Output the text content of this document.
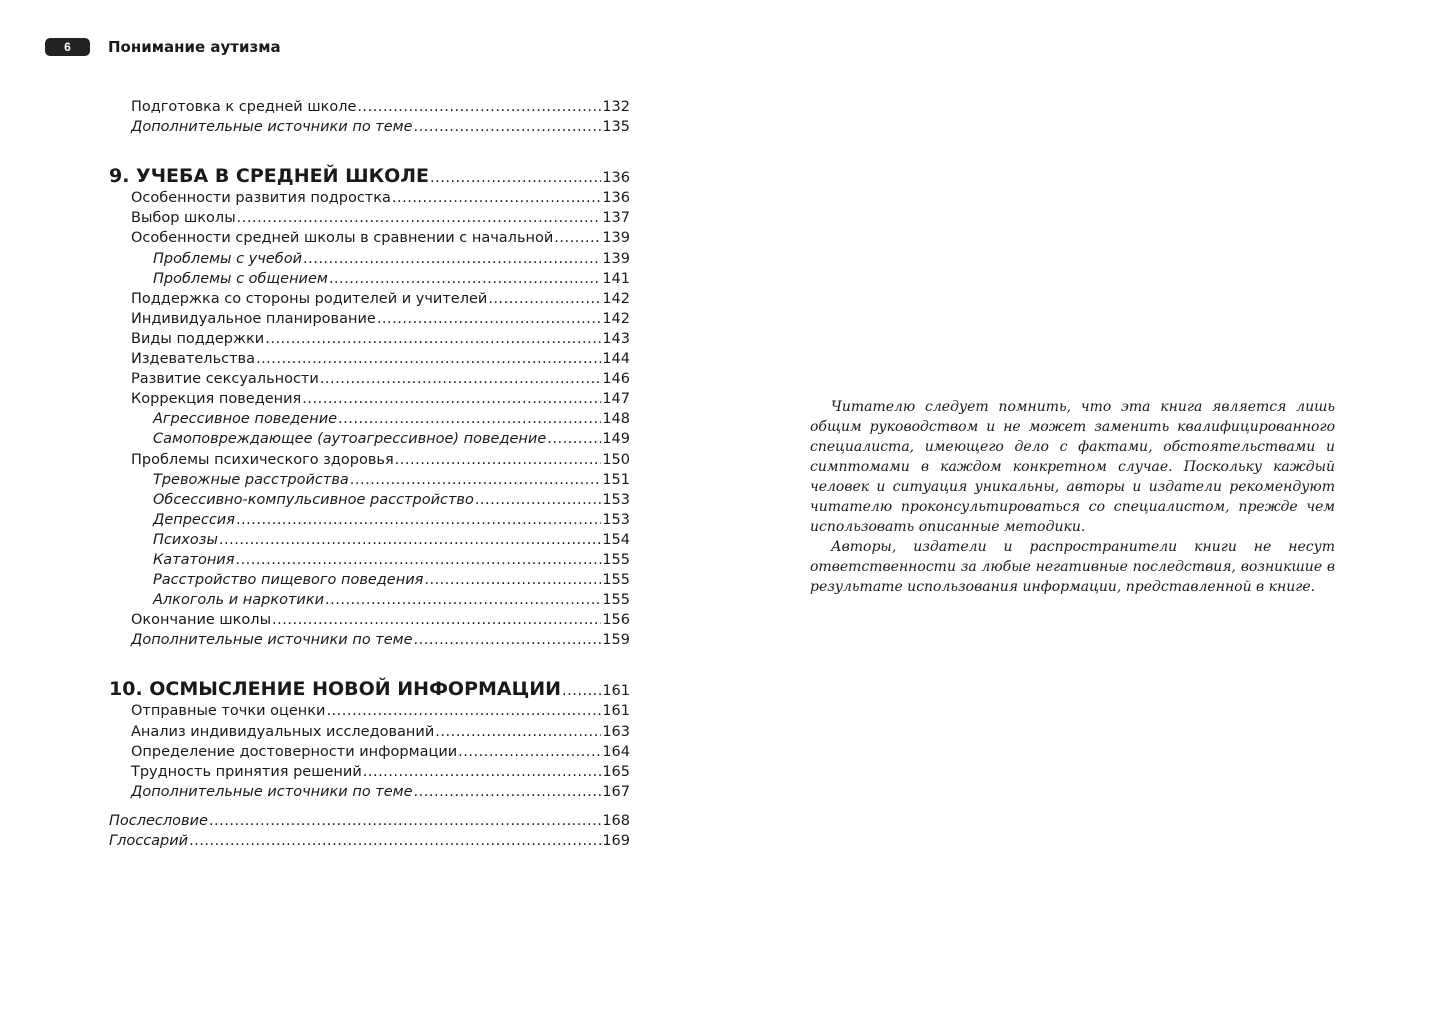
6	Понимание аутизма
Подготовка к средней школе .....	132
Дополнительные источники по теме .....	135
9. УЧЕБА В СРЕДНЕЙ ШКОЛЕ .....	136
Особенности развития подростка .....	136
Выбор школы .....	137
Особенности средней школы в сравнении с начальной .....	139
Проблемы с учебой .....	139
Проблемы с общением .....	141
Поддержка со стороны родителей и учителей .....	142
Индивидуальное планирование .....	142
Виды поддержки .....	143
Издевательства .....	144
Развитие сексуальности .....	146
Коррекция поведения .....	147
Агрессивное поведение .....	148
Самоповреждающее (аутоагрессивное) поведение .....	149
Проблемы психического здоровья .....	150
Тревожные расстройства .....	151
Обсессивно-компульсивное расстройство .....	153
Депрессия .....	153
Психозы .....	154
Кататония .....	155
Расстройство пищевого поведения .....	155
Алкоголь и наркотики .....	155
Окончание школы .....	156
Дополнительные источники по теме .....	159
10. ОСМЫСЛЕНИЕ НОВОЙ ИНФОРМАЦИИ .....	161
Отправные точки оценки .....	161
Анализ индивидуальных исследований .....	163
Определение достоверности информации .....	164
Трудность принятия решений .....	165
Дополнительные источники по теме .....	167
Послесловие .....	168
Глоссарий .....	169

Читателю следует помнить, что эта книга является лишь общим руководством и не может заменить квалифицированного специалиста, имеющего дело с фактами, обстоятельствами и симптомами в каждом конкретном случае. Поскольку каждый человек и ситуация уникальны, авторы и издатели рекомендуют читателю проконсультироваться со специалистом, прежде чем использовать описанные методики.

Авторы, издатели и распространители книги не несут ответственности за любые негативные последствия, возникшие в результате использования информации, представленной в книге.
